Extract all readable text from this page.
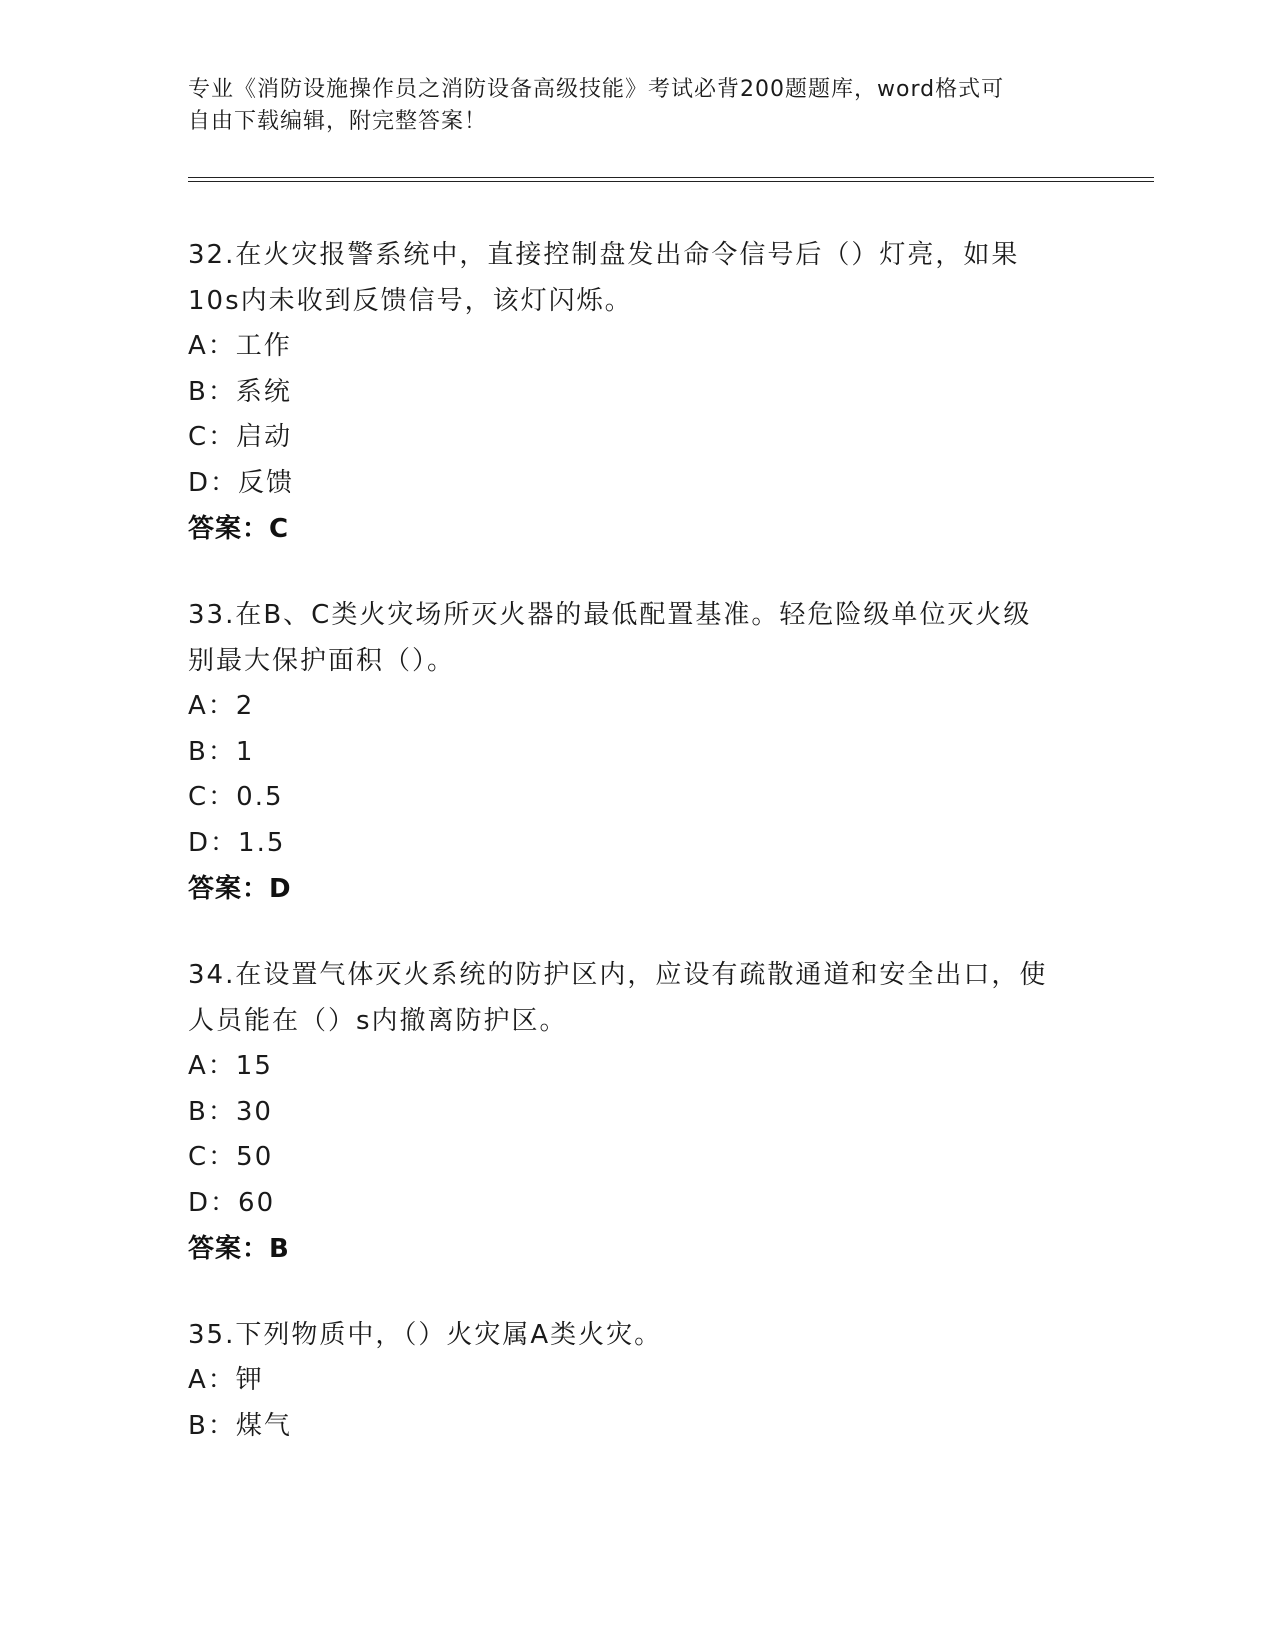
专业《消防设施操作员之消防设备高级技能》考试必背200题题库，word格式可
自由下载编辑，附完整答案！
32.在火灾报警系统中，直接控制盘发出命令信号后（）灯亮，如果
10s内未收到反馈信号，该灯闪烁。
A：工作
B：系统
C：启动
D：反馈
答案：C
33.在B、C类火灾场所灭火器的最低配置基准。轻危险级单位灭火级
别最大保护面积（）。
A：2
B：1
C：0.5
D：1.5
答案：D
34.在设置气体灭火系统的防护区内，应设有疏散通道和安全出口，使
人员能在（）s内撤离防护区。
A：15
B：30
C：50
D：60
答案：B
35.下列物质中，（）火灾属A类火灾。
A：钾
B：煤气
